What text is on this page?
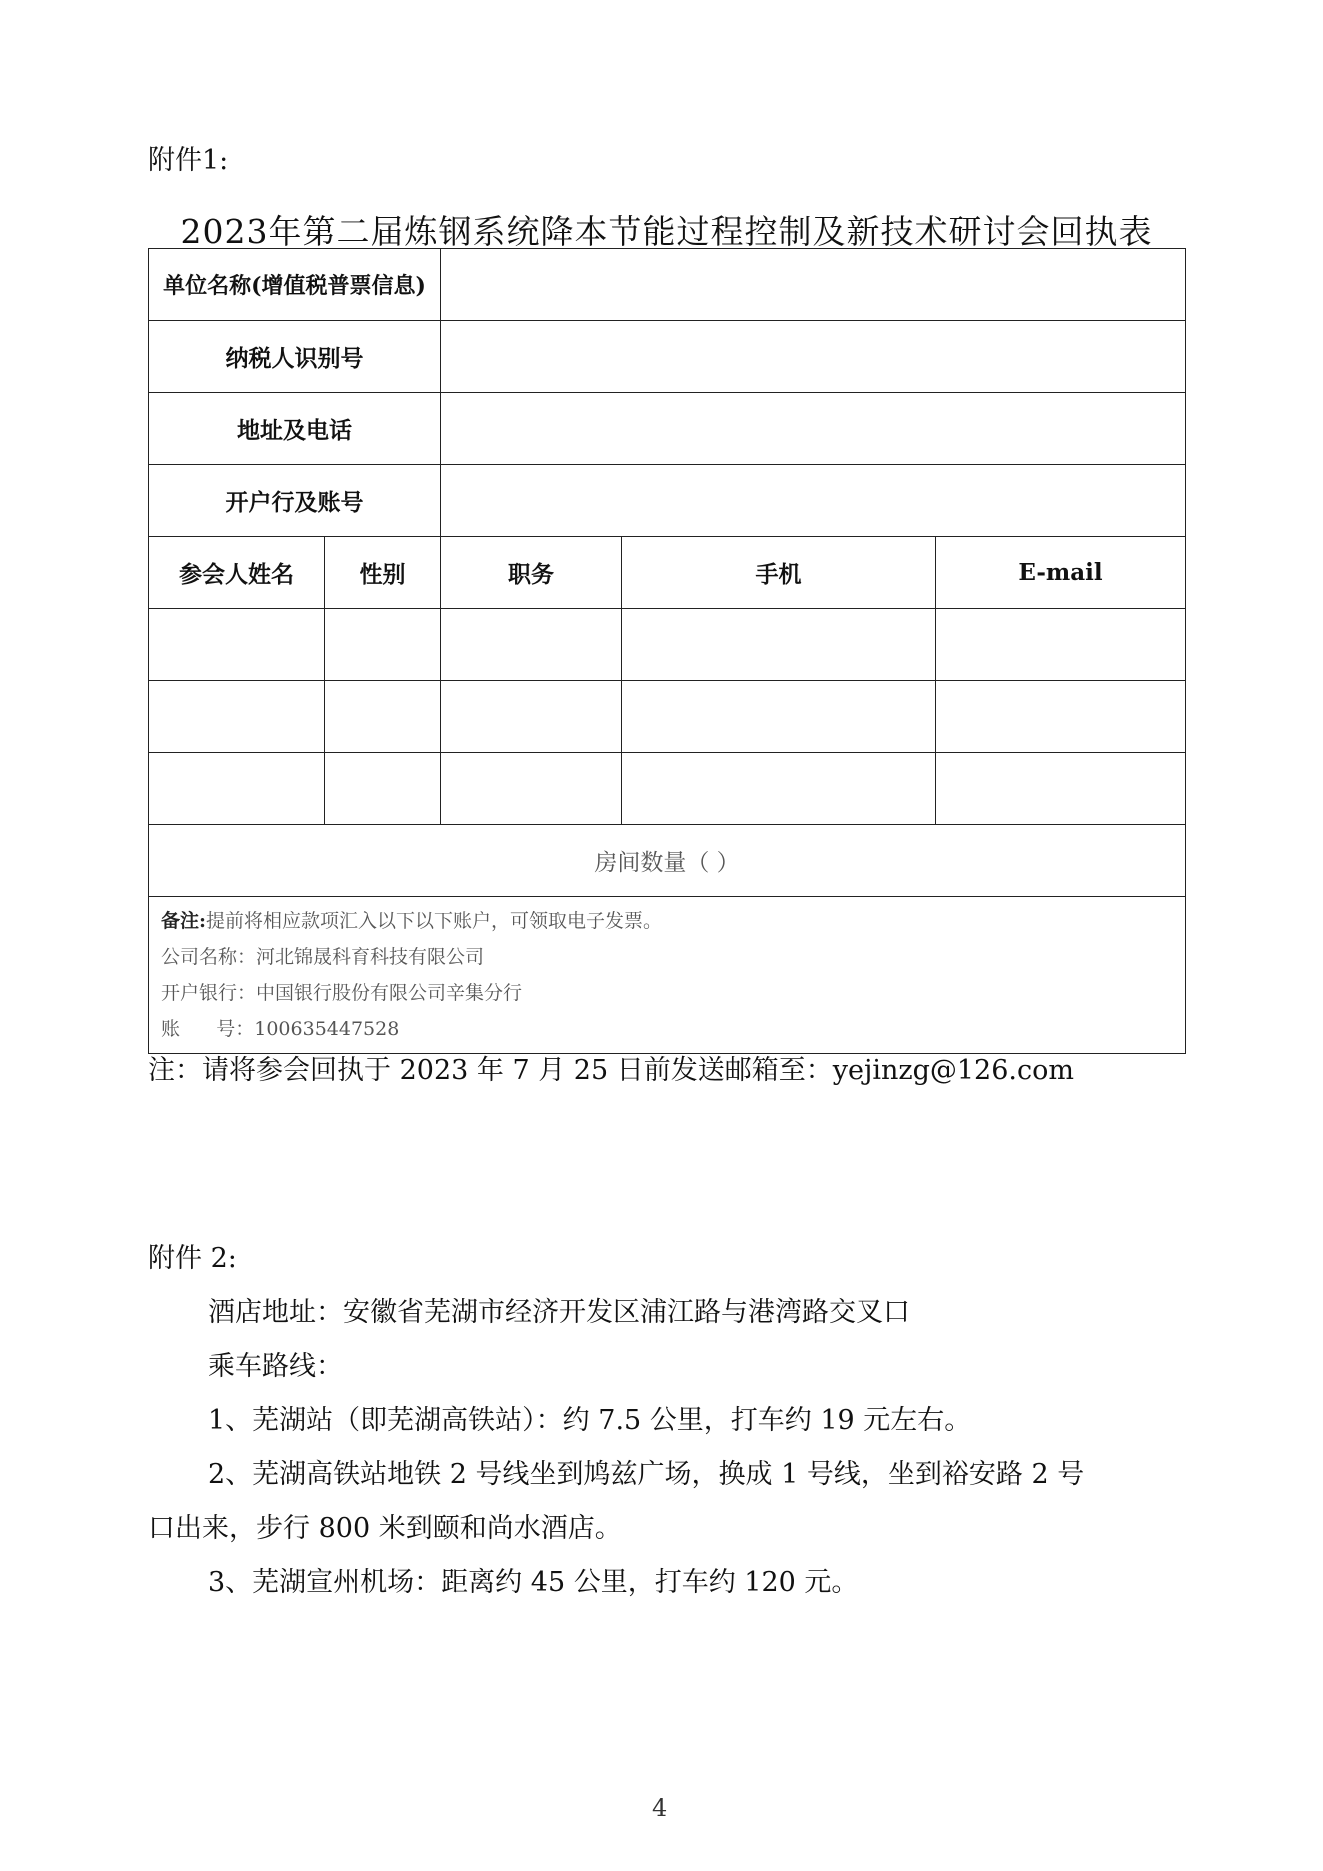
附件1:
2023年第二届炼钢系统降本节能过程控制及新技术研讨会回执表
单位名称(增值税普票信息)				
纳税人识别号				
地址及电话				
开户行及账号				
参会人姓名	性别	职务	手机	E-mail

房间数量（ ）				

备注:提前将相应款项汇入以下以下账户，可领取电子发票。
公司名称：河北锦晟科育科技有限公司
开户银行：中国银行股份有限公司辛集分行
账      号：100635447528				
注：请将参会回执于 2023 年 7 月 25 日前发送邮箱至：yejinzg@126.com
附件 2:
酒店地址：安徽省芜湖市经济开发区浦江路与港湾路交叉口
乘车路线：
1、芜湖站（即芜湖高铁站）：约 7.5 公里，打车约 19 元左右。
2、芜湖高铁站地铁 2 号线坐到鸠兹广场，换成 1 号线，坐到裕安路 2 号
口出来，步行 800 米到颐和尚水酒店。
3、芜湖宣州机场：距离约 45 公里，打车约 120 元。
4
